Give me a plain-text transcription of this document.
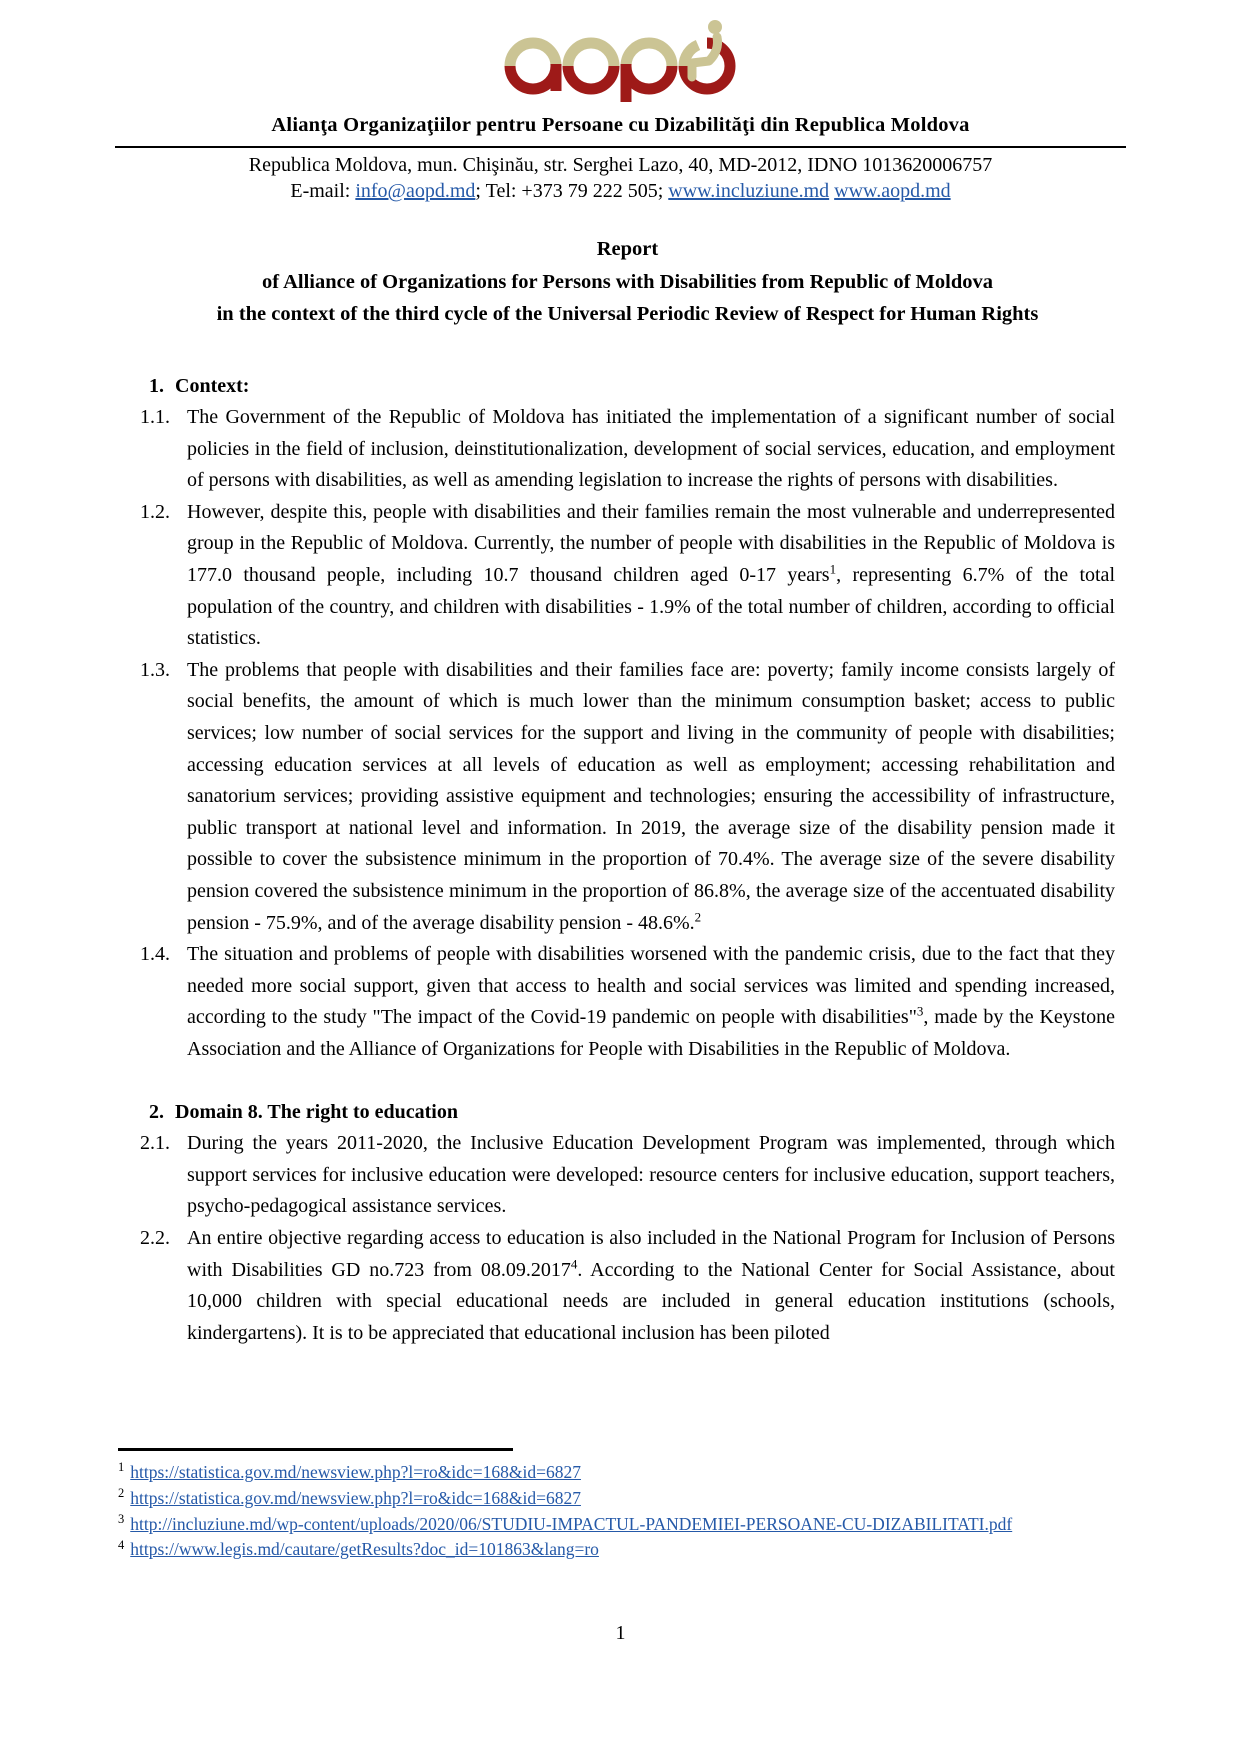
Alianţa Organizaţiilor pentru Persoane cu Dizabilităţi din Republica Moldova
Republica Moldova, mun. Chişinău, str. Serghei Lazo, 40, MD-2012, IDNO 1013620006757
E-mail: info@aopd.md; Tel: +373 79 222 505; www.incluziune.md www.aopd.md
Report
of Alliance of Organizations for Persons with Disabilities from Republic of Moldova
in the context of the third cycle of the Universal Periodic Review of Respect for Human Rights
1. Context:
1.1. The Government of the Republic of Moldova has initiated the implementation of a significant number of social policies in the field of inclusion, deinstitutionalization, development of social services, education, and employment of persons with disabilities, as well as amending legislation to increase the rights of persons with disabilities.
1.2. However, despite this, people with disabilities and their families remain the most vulnerable and underrepresented group in the Republic of Moldova. Currently, the number of people with disabilities in the Republic of Moldova is 177.0 thousand people, including 10.7 thousand children aged 0-17 years$^1$, representing 6.7% of the total population of the country, and children with disabilities - 1.9% of the total number of children, according to official statistics.
1.3. The problems that people with disabilities and their families face are: poverty; family income consists largely of social benefits, the amount of which is much lower than the minimum consumption basket; access to public services; low number of social services for the support and living in the community of people with disabilities; accessing education services at all levels of education as well as employment; accessing rehabilitation and sanatorium services; providing assistive equipment and technologies; ensuring the accessibility of infrastructure, public transport at national level and information. In 2019, the average size of the disability pension made it possible to cover the subsistence minimum in the proportion of 70.4%. The average size of the severe disability pension covered the subsistence minimum in the proportion of 86.8%, the average size of the accentuated disability pension - 75.9%, and of the average disability pension - 48.6%.$^2$
1.4. The situation and problems of people with disabilities worsened with the pandemic crisis, due to the fact that they needed more social support, given that access to health and social services was limited and spending increased, according to the study "The impact of the Covid-19 pandemic on people with disabilities"$^3$, made by the Keystone Association and the Alliance of Organizations for People with Disabilities in the Republic of Moldova.
2. Domain 8. The right to education
2.1. During the years 2011-2020, the Inclusive Education Development Program was implemented, through which support services for inclusive education were developed: resource centers for inclusive education, support teachers, psycho-pedagogical assistance services.
2.2. An entire objective regarding access to education is also included in the National Program for Inclusion of Persons with Disabilities GD no.723 from 08.09.2017$^4$. According to the National Center for Social Assistance, about 10,000 children with special educational needs are included in general education institutions (schools, kindergartens). It is to be appreciated that educational inclusion has been piloted
$^1$ https://statistica.gov.md/newsview.php?l=ro&idc=168&id=6827
$^2$ https://statistica.gov.md/newsview.php?l=ro&idc=168&id=6827
$^3$ http://incluziune.md/wp-content/uploads/2020/06/STUDIU-IMPACTUL-PANDEMIEI-PERSOANE-CU-DIZABILITATI.pdf
$^4$ https://www.legis.md/cautare/getResults?doc_id=101863&lang=ro
1
